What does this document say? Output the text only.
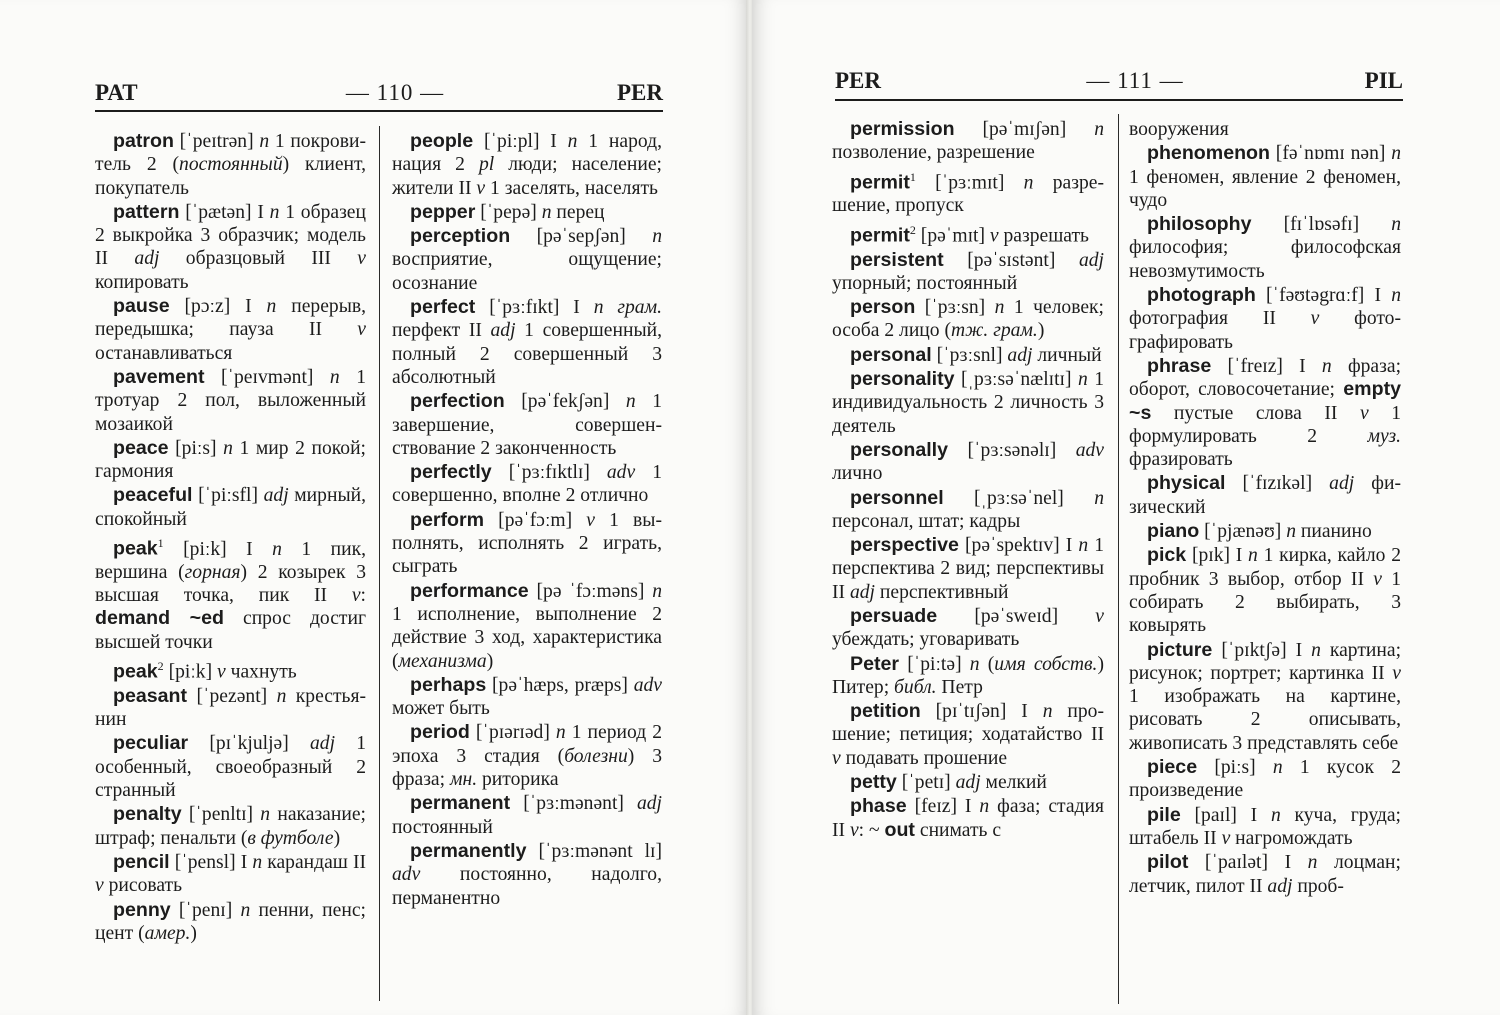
PAT	— 110 —	PER

patron [ˈpeɪtrən] n 1 покровитель 2 (постоянный) клиент, покупатель

pattern [ˈpætən] I n 1 образец 2 выкройка 3 образчик; модель II adj образцовый III v копировать

pause [pɔːz] I n перерыв, передышка; пауза II v останавливаться

pavement [ˈpeɪvmənt] n 1 тротуар 2 пол, выложенный мозаикой

peace [piːs] n 1 мир 2 покой; гармония

peaceful [ˈpiːsfl] adj мирный, спокойный

peak$^1$ [piːk] I n 1 пик, вершина (горная) 2 козырек 3 высшая точка, пик II v: demand ~ed спрос достиг высшей точки

peak$^2$ [piːk] v чахнуть

peasant [ˈpezənt] n крестьянин

peculiar [pɪˈkjuljə] adj 1 особенный, своеобразный 2 странный

penalty [ˈpenltɪ] n наказание; штраф; пенальти (в футболе)

pencil [ˈpensl] I n карандаш II v рисовать

penny [ˈpenɪ] n пенни, пенс; цент (амер.)

people [ˈpiːpl] I n 1 народ, нация 2 pl люди; население; жители II v 1 заселять, населять

pepper [ˈpepə] n перец

perception [pəˈsepʃən] n восприятие, ощущение; осознание

perfect [ˈpɜːfɪkt] I n грам. перфект II adj 1 совершенный, полный 2 совершенный 3 абсолютный

perfection [pəˈfekʃən] n 1 завершение, совершенствование 2 законченность

perfectly [ˈpɜːfɪktlɪ] adv 1 совершенно, вполне 2 отлично

perform [pəˈfɔːm] v 1 выполнять, исполнять 2 играть, сыграть

performance [pə ˈfɔːməns] n 1 исполнение, выполнение 2 действие 3 ход, характеристика (механизма)

perhaps [pəˈhæps, præps] adv может быть

period [ˈpɪərɪəd] n 1 период 2 эпоха 3 стадия (болезни) 3 фраза; мн. риторика

permanent [ˈpɜːmənənt] adj постоянный

permanently [ˈpɜːmənənt lɪ] adv постоянно, надолго, перманентно

PER	— 111 —	PIL

permission [pəˈmɪʃən] n позволение, разрешение

permit$^1$ [ˈpɜːmɪt] n разрешение, пропуск

permit$^2$ [pəˈmɪt] v разрешать

persistent [pəˈsɪstənt] adj упорный; постоянный

person [ˈpɜːsn] n 1 человек; особа 2 лицо (тж. грам.)

personal [ˈpɜːsnl] adj личный

personality [ˌpɜːsəˈnælɪtɪ] n 1 индивидуальность 2 личность 3 деятель

personally [ˈpɜːsənəlɪ] adv лично

personnel [ˌpɜːsəˈnel] n персонал, штат; кадры

perspective [pəˈspektɪv] I n 1 перспектива 2 вид; перспективы II adj перспективный

persuade [pəˈsweɪd] v убеждать; уговаривать

Peter [ˈpiːtə] n (имя собств.) Питер; библ. Петр

petition [pɪˈtɪʃən] I n прошение; петиция; ходатайство II v подавать прошение

petty [ˈpetɪ] adj мелкий

phase [feɪz] I n фаза; стадия II v: ~ out снимать с

вооружения

phenomenon [fəˈnɒmɪ nən] n 1 феномен, явление 2 феномен, чудо

philosophy [fɪˈlɒsəfɪ] n философия; философская невозмутимость

photograph [ˈfəʊtəgrɑːf] I n фотография II v фотографировать

phrase [ˈfreɪz] I n фраза; оборот, словосочетание; empty ~s пустые слова II v 1 формулировать 2 муз. фразировать

physical [ˈfɪzɪkəl] adj физический

piano [ˈpjænəʊ] n пианино

pick [pɪk] I n 1 кирка, кайло 2 пробник 3 выбор, отбор II v 1 собирать 2 выбирать, 3 ковырять

picture [ˈpɪktʃə] I n картина; рисунок; портрет; картинка II v 1 изображать на картине, рисовать 2 описывать, живописать 3 представлять себе

piece [piːs] n 1 кусок 2 произведение

pile [paɪl] I n куча, груда; штабель II v нагромождать

pilot [ˈpaɪlət] I n лоцман; летчик, пилот II adj проб-
